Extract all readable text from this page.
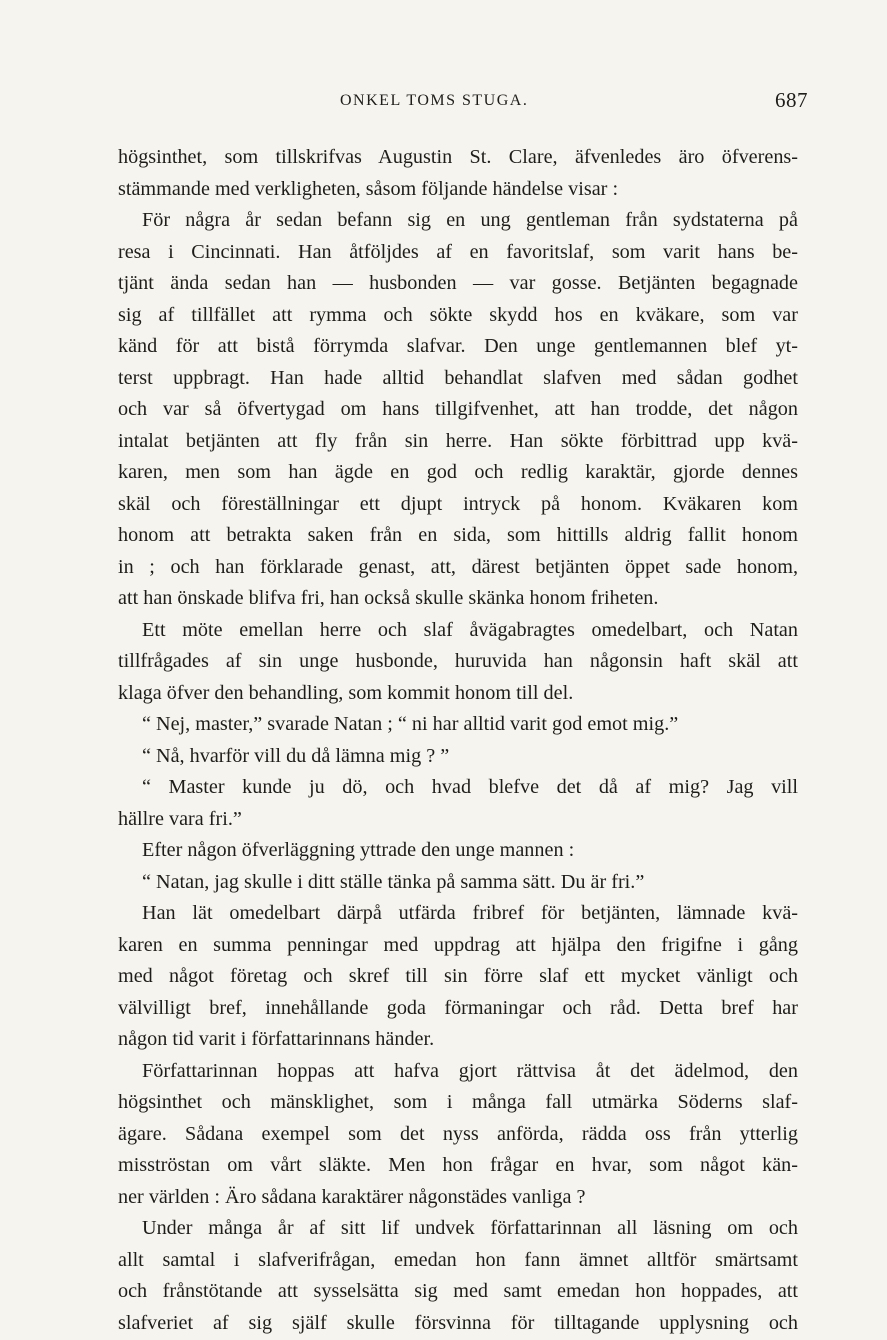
ONKEL TOMS STUGA.	687
högsinthet, som tillskrifvas Augustin St. Clare, äfvenledes äro öfverens-
stämmande med verkligheten, såsom följande händelse visar :
För några år sedan befann sig en ung gentleman från sydstaterna på
resa i Cincinnati. Han åtföljdes af en favoritslaf, som varit hans be-
tjänt ända sedan han — husbonden — var gosse. Betjänten begagnade
sig af tillfället att rymma och sökte skydd hos en kväkare, som var
känd för att bistå förrymda slafvar. Den unge gentlemannen blef yt-
terst uppbragt. Han hade alltid behandlat slafven med sådan godhet
och var så öfvertygad om hans tillgifvenhet, att han trodde, det någon
intalat betjänten att fly från sin herre. Han sökte förbittrad upp kvä-
karen, men som han ägde en god och redlig karaktär, gjorde dennes
skäl och föreställningar ett djupt intryck på honom. Kväkaren kom
honom att betrakta saken från en sida, som hittills aldrig fallit honom
in ; och han förklarade genast, att, därest betjänten öppet sade honom,
att han önskade blifva fri, han också skulle skänka honom friheten.
Ett möte emellan herre och slaf åvägabragtes omedelbart, och Natan
tillfrågades af sin unge husbonde, huruvida han någonsin haft skäl att
klaga öfver den behandling, som kommit honom till del.
“ Nej, master,” svarade Natan ; “ ni har alltid varit god emot mig.”
“ Nå, hvarför vill du då lämna mig ? ”
“ Master kunde ju dö, och hvad blefve det då af mig? Jag vill
hällre vara fri.”
Efter någon öfverläggning yttrade den unge mannen :
“ Natan, jag skulle i ditt ställe tänka på samma sätt. Du är fri.”
Han lät omedelbart därpå utfärda fribref för betjänten, lämnade kvä-
karen en summa penningar med uppdrag att hjälpa den frigifne i gång
med något företag och skref till sin förre slaf ett mycket vänligt och
välvilligt bref, innehållande goda förmaningar och råd. Detta bref har
någon tid varit i författarinnans händer.
Författarinnan hoppas att hafva gjort rättvisa åt det ädelmod, den
högsinthet och mänsklighet, som i många fall utmärka Söderns slaf-
ägare. Sådana exempel som det nyss anförda, rädda oss från ytterlig
misströstan om vårt släkte. Men hon frågar en hvar, som något kän-
ner världen : Äro sådana karaktärer någonstädes vanliga ?
Under många år af sitt lif undvek författarinnan all läsning om och
allt samtal i slafverifrågan, emedan hon fann ämnet alltför smärtsamt
och frånstötande att sysselsätta sig med samt emedan hon hoppades, att
slafveriet af sig själf skulle försvinna för tilltagande upplysning och
